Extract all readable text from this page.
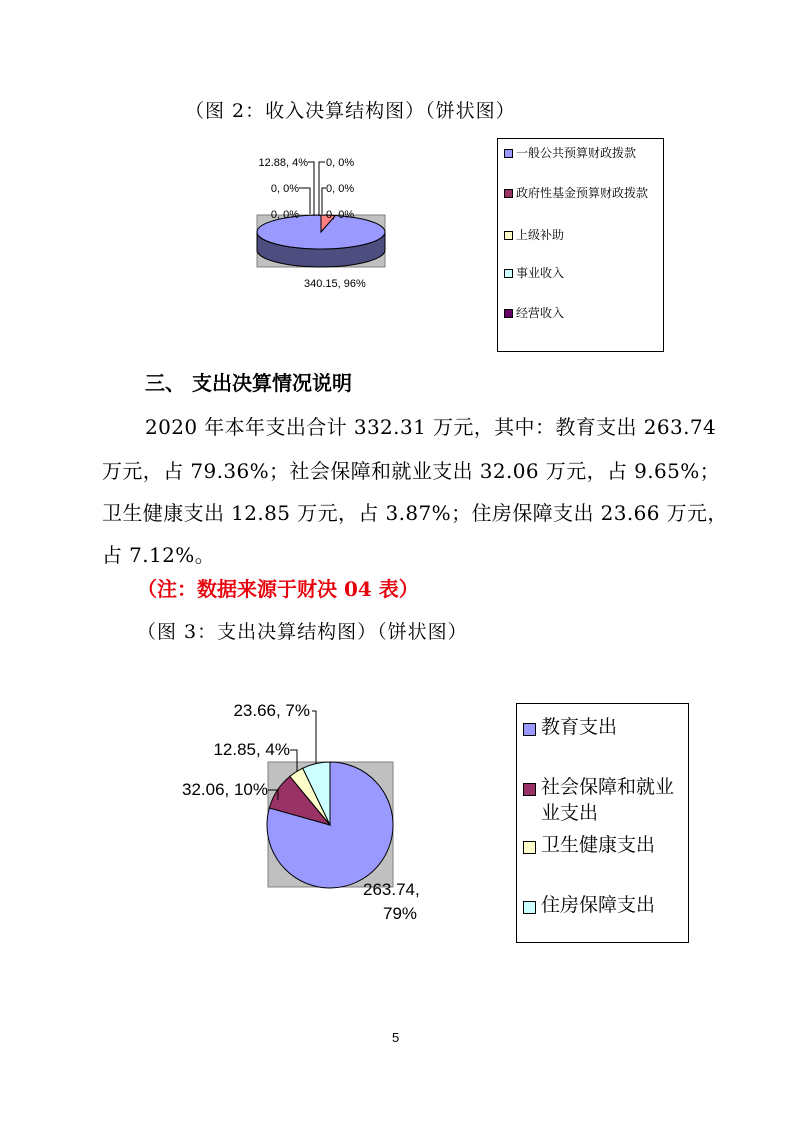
（图 2：收入决算结构图）（饼状图）
12.88, 4% 0, 0%
0, 0% 0, 0%
0, 0% 0, 0%
340.15, 96%
一般公共预算财政拨款
政府性基金预算财政拨款
上级补助
事业收入
经营收入
三、 支出决算情况说明
2020 年本年支出合计 332.31 万元，其中：教育支出 263.74
万元，占 79.36%；社会保障和就业支出 32.06 万元，占 9.65%；
卫生健康支出 12.85 万元，占 3.87%；住房保障支出 23.66 万元，
占 7.12%。
（注：数据来源于财决 04 表）
（图 3：支出决算结构图）（饼状图）
263.74, 79%
32.06, 10%
12.85, 4%
23.66, 7%
教育支出
社会保障和就业
业支出
卫生健康支出
住房保障支出
5
